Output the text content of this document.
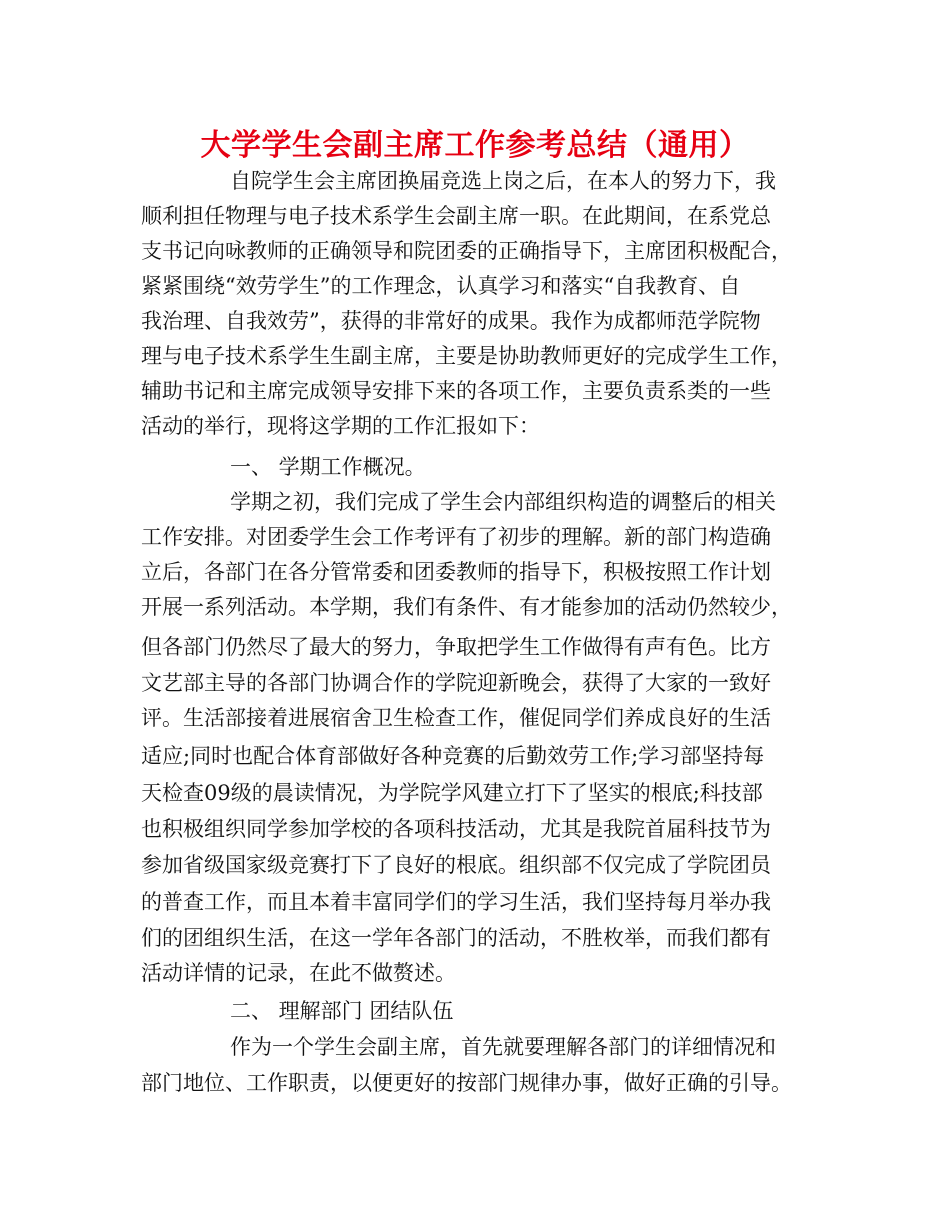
大学学生会副主席工作参考总结（通用）
自院学生会主席团换届竞选上岗之后，在本人的努力下，我
顺利担任物理与电子技术系学生会副主席一职。在此期间，在系党总
支书记向咏教师的正确领导和院团委的正确指导下，主席团积极配合，
紧紧围绕“效劳学生”的工作理念，认真学习和落实“自我教育、自
我治理、自我效劳”，获得的非常好的成果。我作为成都师范学院物
理与电子技术系学生生副主席，主要是协助教师更好的完成学生工作，
辅助书记和主席完成领导安排下来的各项工作，主要负责系类的一些
活动的举行，现将这学期的工作汇报如下：
一、 学期工作概况。
学期之初，我们完成了学生会内部组织构造的调整后的相关
工作安排。对团委学生会工作考评有了初步的理解。新的部门构造确
立后，各部门在各分管常委和团委教师的指导下，积极按照工作计划
开展一系列活动。本学期，我们有条件、有才能参加的活动仍然较少，
但各部门仍然尽了最大的努力，争取把学生工作做得有声有色。比方
文艺部主导的各部门协调合作的学院迎新晚会，获得了大家的一致好
评。生活部接着进展宿舍卫生检查工作，催促同学们养成良好的生活
适应;同时也配合体育部做好各种竞赛的后勤效劳工作;学习部坚持每
天检查09级的晨读情况，为学院学风建立打下了坚实的根底;科技部
也积极组织同学参加学校的各项科技活动，尤其是我院首届科技节为
参加省级国家级竞赛打下了良好的根底。组织部不仅完成了学院团员
的普查工作，而且本着丰富同学们的学习生活，我们坚持每月举办我
们的团组织生活，在这一学年各部门的活动，不胜枚举，而我们都有
活动详情的记录，在此不做赘述。
二、 理解部门 团结队伍
作为一个学生会副主席，首先就要理解各部门的详细情况和
部门地位、工作职责，以便更好的按部门规律办事，做好正确的引导。
